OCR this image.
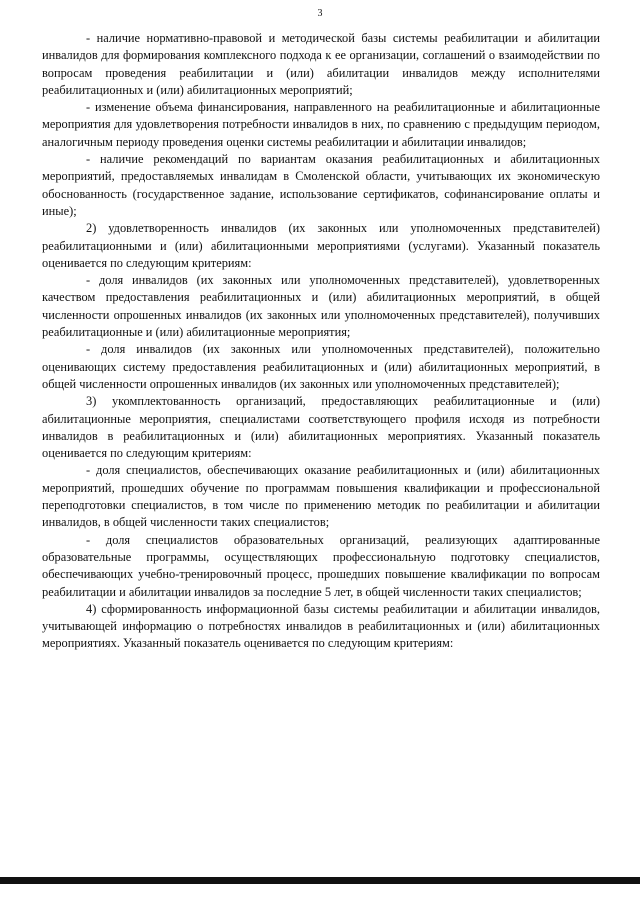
3

- наличие нормативно-правовой и методической базы системы реабилитации и абилитации инвалидов для формирования комплексного подхода к ее организации, соглашений о взаимодействии по вопросам проведения реабилитации и (или) абилитации инвалидов между исполнителями реабилитационных и (или) абилитационных мероприятий;

- изменение объема финансирования, направленного на реабилитационные и абилитационные мероприятия для удовлетворения потребности инвалидов в них, по сравнению с предыдущим периодом, аналогичным периоду проведения оценки системы реабилитации и абилитации инвалидов;

- наличие рекомендаций по вариантам оказания реабилитационных и абилитационных мероприятий, предоставляемых инвалидам в Смоленской области, учитывающих их экономическую обоснованность (государственное задание, использование сертификатов, софинансирование оплаты и иные);

2) удовлетворенность инвалидов (их законных или уполномоченных представителей) реабилитационными и (или) абилитационными мероприятиями (услугами). Указанный показатель оценивается по следующим критериям:

- доля инвалидов (их законных или уполномоченных представителей), удовлетворенных качеством предоставления реабилитационных и (или) абилитационных мероприятий, в общей численности опрошенных инвалидов (их законных или уполномоченных представителей), получивших реабилитационные и (или) абилитационные мероприятия;

- доля инвалидов (их законных или уполномоченных представителей), положительно оценивающих систему предоставления реабилитационных и (или) абилитационных мероприятий, в общей численности опрошенных инвалидов (их законных или уполномоченных представителей);

3) укомплектованность организаций, предоставляющих реабилитационные и (или) абилитационные мероприятия, специалистами соответствующего профиля исходя из потребности инвалидов в реабилитационных и (или) абилитационных мероприятиях. Указанный показатель оценивается по следующим критериям:

- доля специалистов, обеспечивающих оказание реабилитационных и (или) абилитационных мероприятий, прошедших обучение по программам повышения квалификации и профессиональной переподготовки специалистов, в том числе по применению методик по реабилитации и абилитации инвалидов, в общей численности таких специалистов;

- доля специалистов образовательных организаций, реализующих адаптированные образовательные программы, осуществляющих профессиональную подготовку специалистов, обеспечивающих учебно-тренировочный процесс, прошедших повышение квалификации по вопросам реабилитации и абилитации инвалидов за последние 5 лет, в общей численности таких специалистов;

4) сформированность информационной базы системы реабилитации и абилитации инвалидов, учитывающей информацию о потребностях инвалидов в реабилитационных и (или) абилитационных мероприятиях. Указанный показатель оценивается по следующим критериям:
